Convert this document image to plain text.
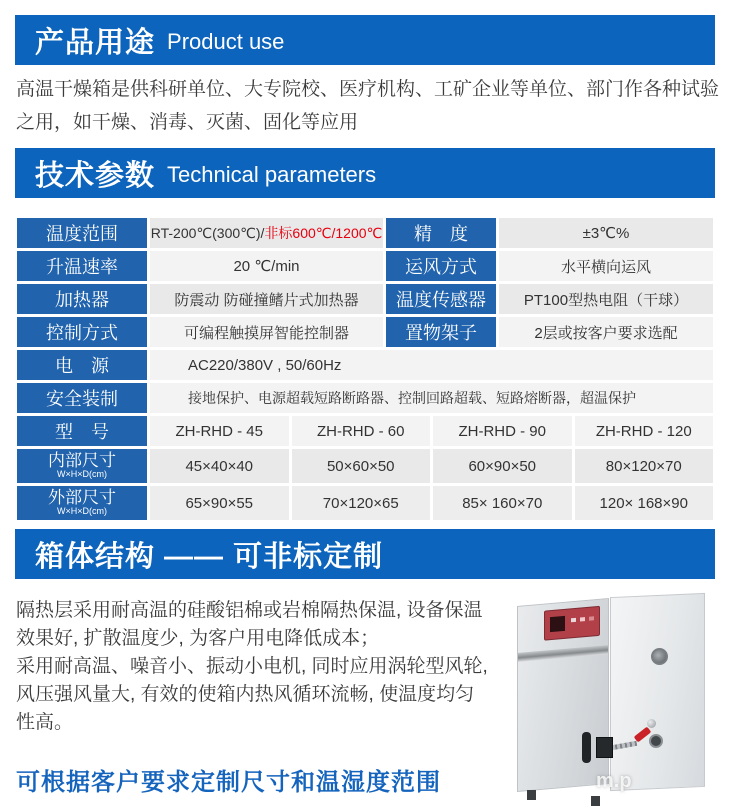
产品用途 Product use
高温干燥箱是供科研单位、大专院校、医疗机构、工矿企业等单位、部门作各种试验
之用，如干燥、消毒、灭菌、固化等应用
技术参数 Technical parameters
温度范围	RT-200℃(300℃)/ 非标600℃/1200℃	精　度	±3℃%
升温速率	20 ℃/min	运风方式	水平横向运风
加热器	防震动 防碰撞鳍片式加热器	温度传感器	PT100型热电阻（干球）
控制方式	可编程触摸屏智能控制器	置物架子	2层或按客户要求选配
电　源	AC220/380V , 50/60Hz
安全装制	接地保护、电源超载短路断路器、控制回路超载、短路熔断器，超温保护
型　号	ZH-RHD - 45	ZH-RHD - 60	ZH-RHD - 90	ZH-RHD - 120
内部尺寸
W×H×D(cm)	45×40×40	50×60×50	60×90×50	80×120×70
外部尺寸
W×H×D(cm)	65×90×55	70×120×65	85× 160×70	120× 168×90
箱体结构 —— 可非标定制
隔热层采用耐高温的硅酸铝棉或岩棉隔热保温, 设备保温
效果好, 扩散温度少, 为客户用电降低成本；
采用耐高温、噪音小、振动小电机, 同时应用涡轮型风轮,
风压强风量大, 有效的使箱内热风循环流畅, 使温度均匀
性高。
可根据客户要求定制尺寸和温湿度范围	m.p
